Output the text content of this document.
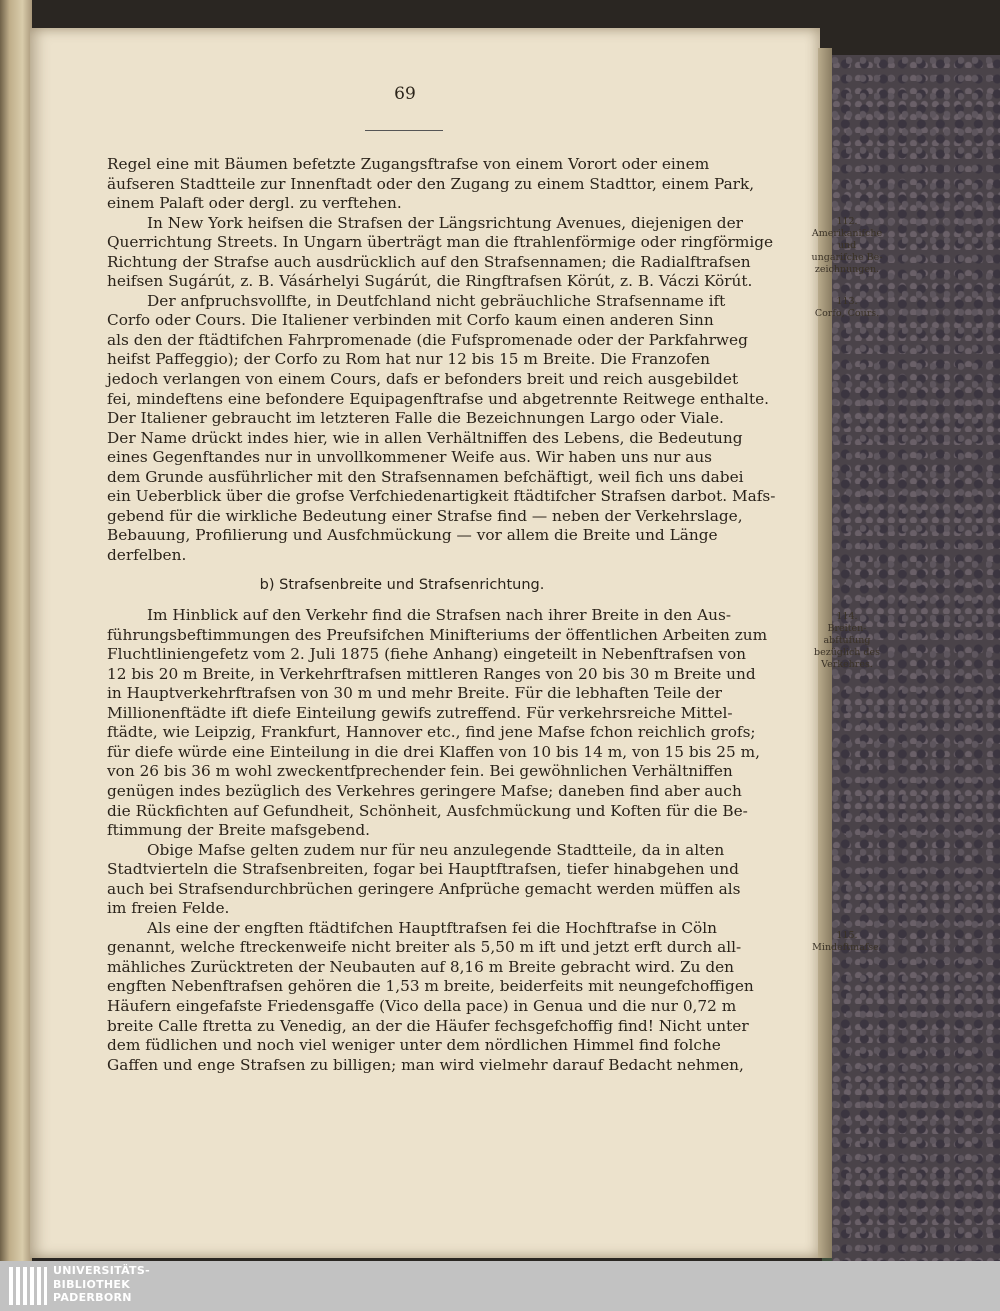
69
Regel eine mit Bäumen befetzte Zugangsftrafse von einem Vorort oder einem
äufseren Stadtteile zur Innenftadt oder den Zugang zu einem Stadttor, einem Park,
einem Palaft oder dergl. zu verftehen.
In New York heifsen die Strafsen der Längsrichtung Avenues, diejenigen der
Querrichtung Streets. In Ungarn überträgt man die ftrahlenförmige oder ringförmige
Richtung der Strafse auch ausdrücklich auf den Strafsennamen; die Radialftrafsen
heifsen Sugárút, z. B. Vásárhelyi Sugárút, die Ringftrafsen Körút, z. B. Váczi Körút.
Der anfpruchsvollfte, in Deutfchland nicht gebräuchliche Strafsenname ift
Corfo oder Cours. Die Italiener verbinden mit Corfo kaum einen anderen Sinn
als den der ftädtifchen Fahrpromenade (die Fufspromenade oder der Parkfahrweg
heifst Paffeggio); der Corfo zu Rom hat nur 12 bis 15 m Breite. Die Franzofen
jedoch verlangen von einem Cours, dafs er befonders breit und reich ausgebildet
fei, mindeftens eine befondere Equipagenftrafse und abgetrennte Reitwege enthalte.
Der Italiener gebraucht im letzteren Falle die Bezeichnungen Largo oder Viale.
Der Name drückt indes hier, wie in allen Verhältniffen des Lebens, die Bedeutung
eines Gegenftandes nur in unvollkommener Weife aus. Wir haben uns nur aus
dem Grunde ausführlicher mit den Strafsennamen befchäftigt, weil fich uns dabei
ein Ueberblick über die grofse Verfchiedenartigkeit ftädtifcher Strafsen darbot. Mafs-
gebend für die wirkliche Bedeutung einer Strafse find — neben der Verkehrslage,
Bebauung, Profilierung und Ausfchmückung — vor allem die Breite und Länge
derfelben.
b) Strafsenbreite und Strafsenrichtung.
Im Hinblick auf den Verkehr find die Strafsen nach ihrer Breite in den Aus-
führungsbeftimmungen des Preufsifchen Minifteriums der öffentlichen Arbeiten zum
Fluchtliniengefetz vom 2. Juli 1875 (fiehe Anhang) eingeteilt in Nebenftrafsen von
12 bis 20 m Breite, in Verkehrftrafsen mittleren Ranges von 20 bis 30 m Breite und
in Hauptverkehrftrafsen von 30 m und mehr Breite. Für die lebhaften Teile der
Millionenftädte ift diefe Einteilung gewifs zutreffend. Für verkehrsreiche Mittel-
ftädte, wie Leipzig, Frankfurt, Hannover etc., find jene Mafse fchon reichlich grofs;
für diefe würde eine Einteilung in die drei Klaffen von 10 bis 14 m, von 15 bis 25 m,
von 26 bis 36 m wohl zweckentfprechender fein. Bei gewöhnlichen Verhältniffen
genügen indes bezüglich des Verkehres geringere Mafse; daneben find aber auch
die Rückfichten auf Gefundheit, Schönheit, Ausfchmückung und Koften für die Be-
ftimmung der Breite mafsgebend.
Obige Mafse gelten zudem nur für neu anzulegende Stadtteile, da in alten
Stadtvierteln die Strafsenbreiten, fogar bei Hauptftrafsen, tiefer hinabgehen und
auch bei Strafsendurchbrüchen geringere Anfprüche gemacht werden müffen als
im freien Felde.
Als eine der engften ftädtifchen Hauptftrafsen fei die Hochftrafse in Cöln
genannt, welche ftreckenweife nicht breiter als 5,50 m ift und jetzt erft durch all-
mähliches Zurücktreten der Neubauten auf 8,16 m Breite gebracht wird. Zu den
engften Nebenftrafsen gehören die 1,53 m breite, beiderfeits mit neungefchoffigen
Häufern eingefafste Friedensgaffe (Vico della pace) in Genua und die nur 0,72 m
breite Calle ftretta zu Venedig, an der die Häufer fechsgefchoffig find! Nicht unter
dem füdlichen und noch viel weniger unter dem nördlichen Himmel find folche
Gaffen und enge Strafsen zu billigen; man wird vielmehr darauf Bedacht nehmen,
112.
Amerikanifche
und
ungarifche Be-
zeichnungen.
113.
Corfo, Cours.
114.
Breiten-
abftufung
bezüglich des
Verkehres.
115.
Mindeftmafse.
UNIVERSITÄTS-
BIBLIOTHEK
PADERBORN
